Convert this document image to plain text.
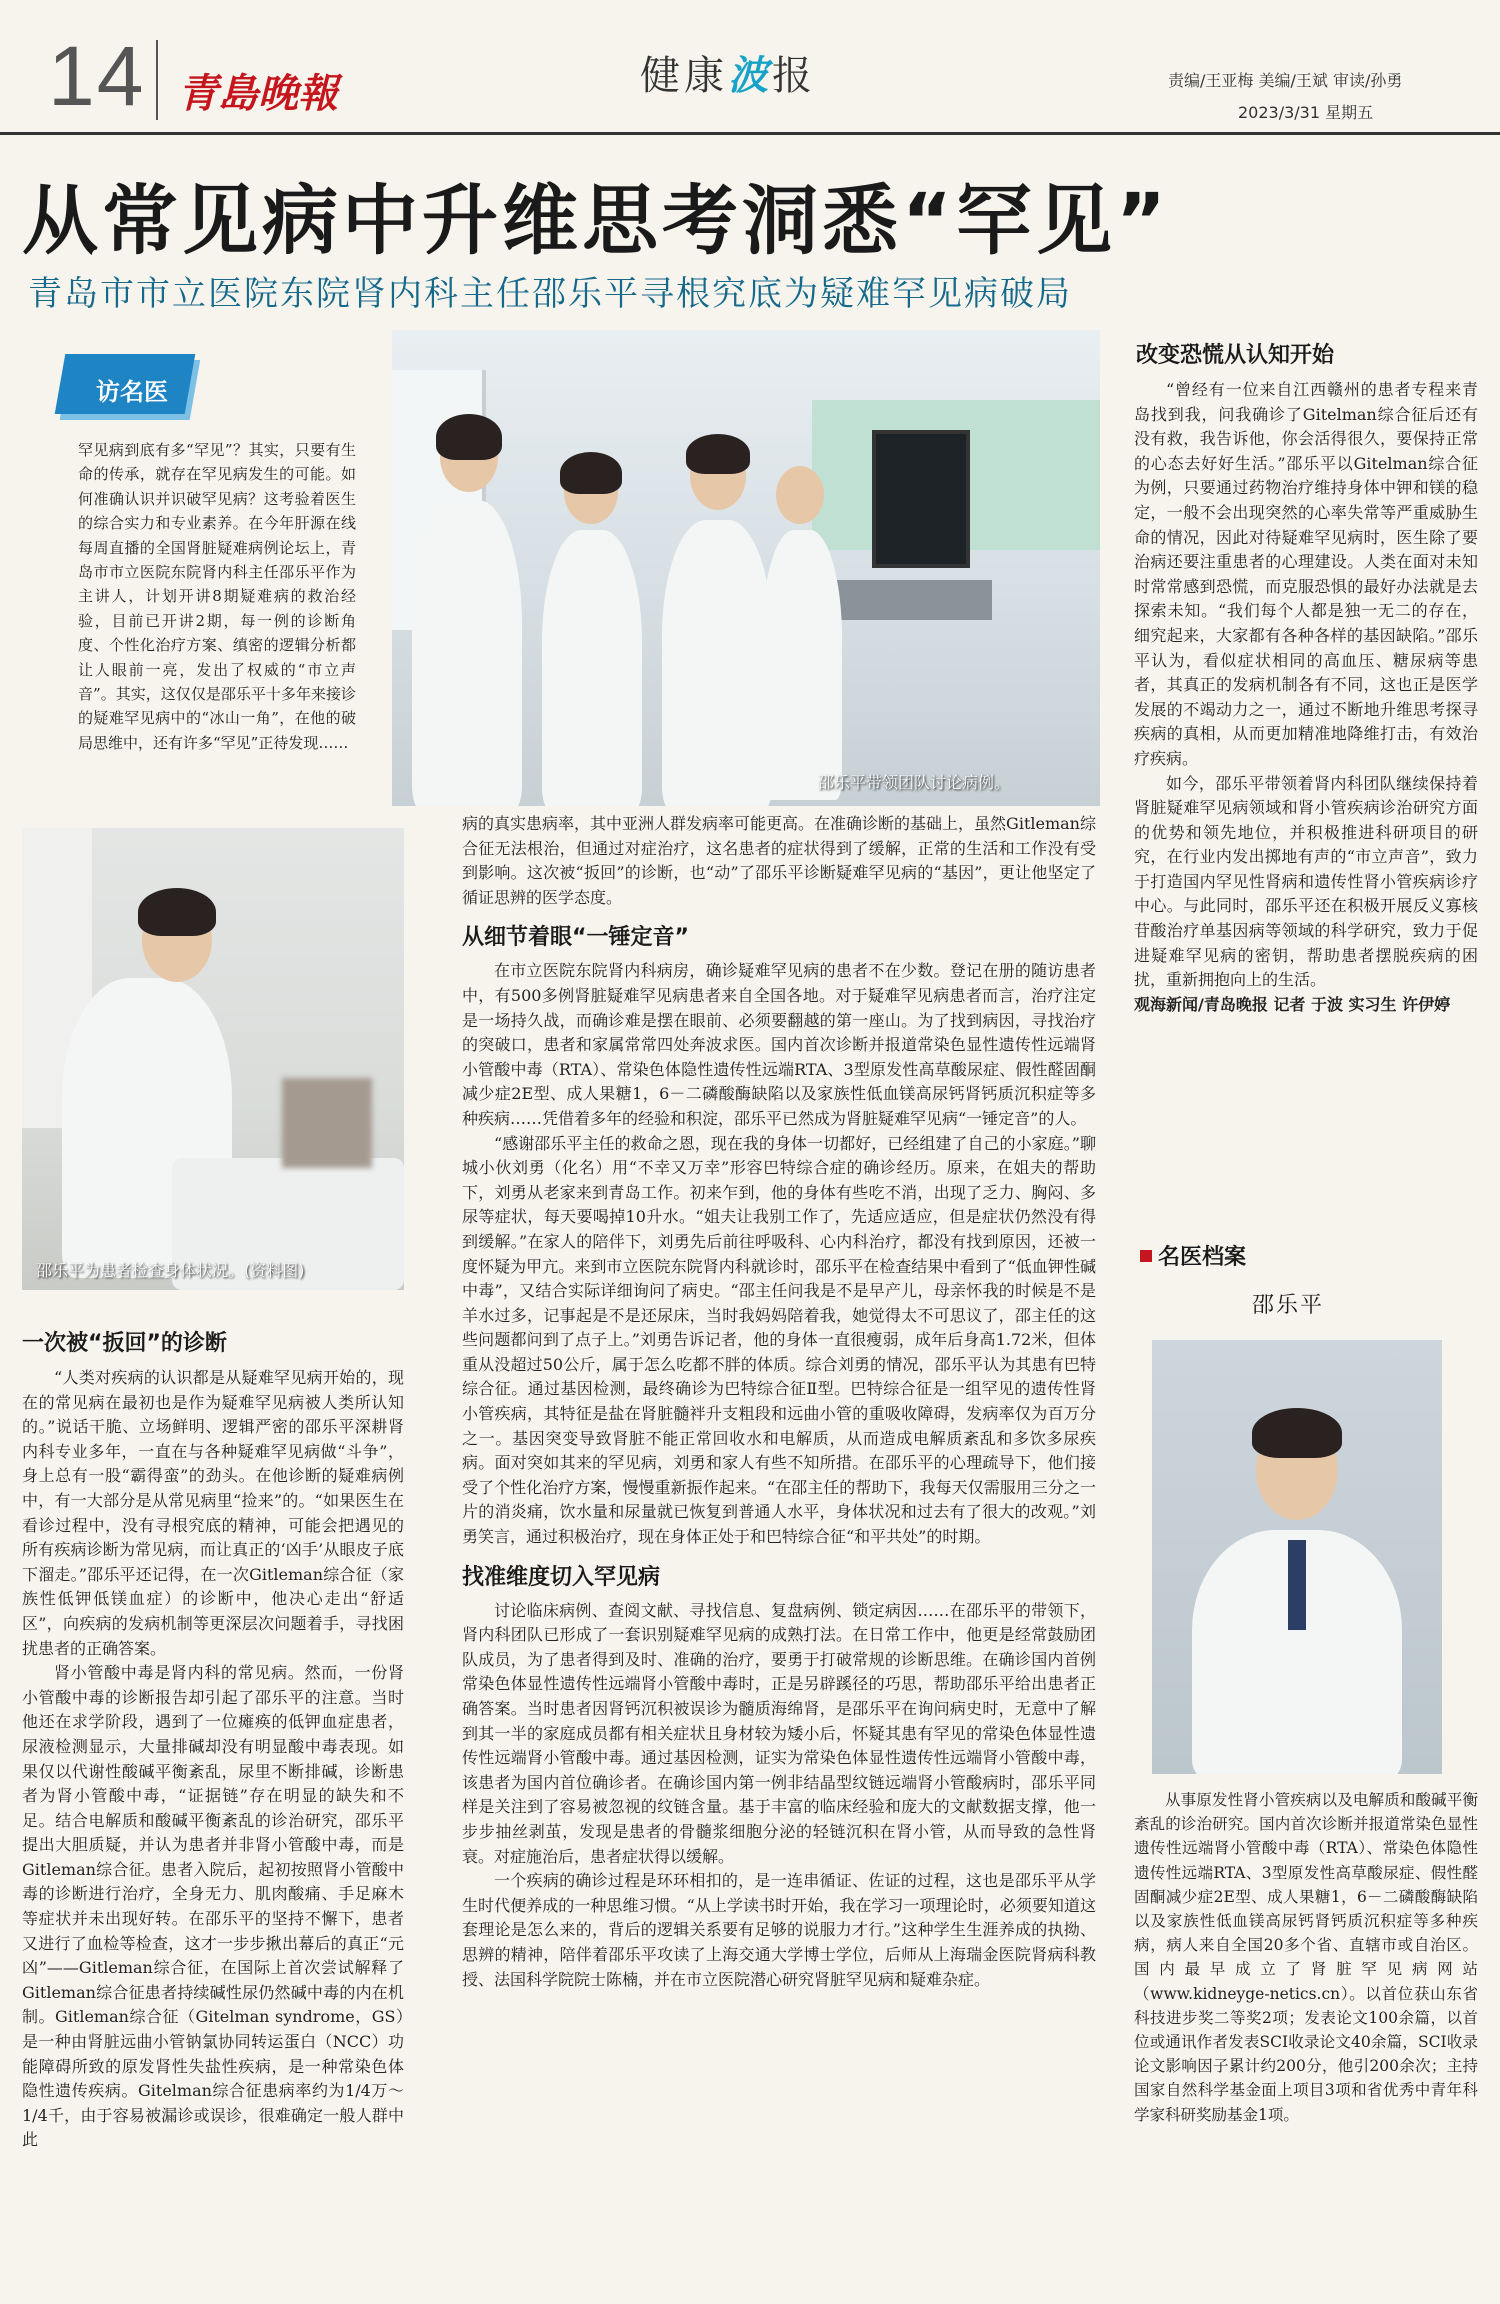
14 青島晚報	健康波报	责编/王亚梅 美编/王斌 审读/孙勇
2023/3/31 星期五
从常见病中升维思考洞悉“罕见”
青岛市市立医院东院肾内科主任邵乐平寻根究底为疑难罕见病破局
访名医
罕见病到底有多“罕见”？其实，只要有生命的传承，就存在罕见病发生的可能。如何准确认识并识破罕见病？这考验着医生的综合实力和专业素养。在今年肝源在线每周直播的全国肾脏疑难病例论坛上，青岛市市立医院东院肾内科主任邵乐平作为主讲人，计划开讲8期疑难病的救治经验，目前已开讲2期，每一例的诊断角度、个性化治疗方案、缜密的逻辑分析都让人眼前一亮，发出了权威的“市立声音”。其实，这仅仅是邵乐平十多年来接诊的疑难罕见病中的“冰山一角”，在他的破局思维中，还有许多“罕见”正待发现……
邵乐平带领团队讨论病例。
邵乐平为患者检查身体状况。(资料图)
一次被“扳回”的诊断

“人类对疾病的认识都是从疑难罕见病开始的，现在的常见病在最初也是作为疑难罕见病被人类所认知的。”说话干脆、立场鲜明、逻辑严密的邵乐平深耕肾内科专业多年，一直在与各种疑难罕见病做“斗争”，身上总有一股“霸得蛮”的劲头。在他诊断的疑难病例中，有一大部分是从常见病里“捡来”的。“如果医生在看诊过程中，没有寻根究底的精神，可能会把遇见的所有疾病诊断为常见病，而让真正的‘凶手’从眼皮子底下溜走。”邵乐平还记得，在一次Gitleman综合征（家族性低钾低镁血症）的诊断中，他决心走出“舒适区”，向疾病的发病机制等更深层次问题着手，寻找困扰患者的正确答案。

肾小管酸中毒是肾内科的常见病。然而，一份肾小管酸中毒的诊断报告却引起了邵乐平的注意。当时他还在求学阶段，遇到了一位瘫痪的低钾血症患者，尿液检测显示，大量排碱却没有明显酸中毒表现。如果仅以代谢性酸碱平衡紊乱，尿里不断排碱，诊断患者为肾小管酸中毒，“证据链”存在明显的缺失和不足。结合电解质和酸碱平衡紊乱的诊治研究，邵乐平提出大胆质疑，并认为患者并非肾小管酸中毒，而是Gitleman综合征。患者入院后，起初按照肾小管酸中毒的诊断进行治疗，全身无力、肌肉酸痛、手足麻木等症状并未出现好转。在邵乐平的坚持不懈下，患者又进行了血检等检查，这才一步步揪出幕后的真正“元凶”——Gitleman综合征，在国际上首次尝试解释了Gitleman综合征患者持续碱性尿仍然碱中毒的内在机制。Gitleman综合征（Gitelman syndrome，GS）是一种由肾脏远曲小管钠氯协同转运蛋白（NCC）功能障碍所致的原发肾性失盐性疾病，是一种常染色体隐性遗传疾病。Gitelman综合征患病率约为1/4万～1/4千，由于容易被漏诊或误诊，很难确定一般人群中此

病的真实患病率，其中亚洲人群发病率可能更高。在准确诊断的基础上，虽然Gitleman综合征无法根治，但通过对症治疗，这名患者的症状得到了缓解，正常的生活和工作没有受到影响。这次被“扳回”的诊断，也“动”了邵乐平诊断疑难罕见病的“基因”，更让他坚定了循证思辨的医学态度。

从细节着眼“一锤定音”

在市立医院东院肾内科病房，确诊疑难罕见病的患者不在少数。登记在册的随访患者中，有500多例肾脏疑难罕见病患者来自全国各地。对于疑难罕见病患者而言，治疗注定是一场持久战，而确诊难是摆在眼前、必须要翻越的第一座山。为了找到病因，寻找治疗的突破口，患者和家属常常四处奔波求医。国内首次诊断并报道常染色显性遗传性远端肾小管酸中毒（RTA）、常染色体隐性遗传性远端RTA、3型原发性高草酸尿症、假性醛固酮减少症2E型、成人果糖1，6－二磷酸酶缺陷以及家族性低血镁高尿钙肾钙质沉积症等多种疾病……凭借着多年的经验和积淀，邵乐平已然成为肾脏疑难罕见病“一锤定音”的人。

“感谢邵乐平主任的救命之恩，现在我的身体一切都好，已经组建了自己的小家庭。”聊城小伙刘勇（化名）用“不幸又万幸”形容巴特综合症的确诊经历。原来，在姐夫的帮助下，刘勇从老家来到青岛工作。初来乍到，他的身体有些吃不消，出现了乏力、胸闷、多尿等症状，每天要喝掉10升水。“姐夫让我别工作了，先适应适应，但是症状仍然没有得到缓解。”在家人的陪伴下，刘勇先后前往呼吸科、心内科治疗，都没有找到原因，还被一度怀疑为甲亢。来到市立医院东院肾内科就诊时，邵乐平在检查结果中看到了“低血钾性碱中毒”，又结合实际详细询问了病史。“邵主任问我是不是早产儿，母亲怀我的时候是不是羊水过多，记事起是不是还尿床，当时我妈妈陪着我，她觉得太不可思议了，邵主任的这些问题都问到了点子上。”刘勇告诉记者，他的身体一直很瘦弱，成年后身高1.72米，但体重从没超过50公斤，属于怎么吃都不胖的体质。综合刘勇的情况，邵乐平认为其患有巴特综合征。通过基因检测，最终确诊为巴特综合征Ⅱ型。巴特综合征是一组罕见的遗传性肾小管疾病，其特征是盐在肾脏髓袢升支粗段和远曲小管的重吸收障碍，发病率仅为百万分之一。基因突变导致肾脏不能正常回收水和电解质，从而造成电解质紊乱和多饮多尿疾病。面对突如其来的罕见病，刘勇和家人有些不知所措。在邵乐平的心理疏导下，他们接受了个性化治疗方案，慢慢重新振作起来。“在邵主任的帮助下，我每天仅需服用三分之一片的消炎痛，饮水量和尿量就已恢复到普通人水平，身体状况和过去有了很大的改观。”刘勇笑言，通过积极治疗，现在身体正处于和巴特综合征“和平共处”的时期。

找准维度切入罕见病

讨论临床病例、查阅文献、寻找信息、复盘病例、锁定病因……在邵乐平的带领下，肾内科团队已形成了一套识别疑难罕见病的成熟打法。在日常工作中，他更是经常鼓励团队成员，为了患者得到及时、准确的治疗，要勇于打破常规的诊断思维。在确诊国内首例常染色体显性遗传性远端肾小管酸中毒时，正是另辟蹊径的巧思，帮助邵乐平给出患者正确答案。当时患者因肾钙沉积被误诊为髓质海绵肾，是邵乐平在询问病史时，无意中了解到其一半的家庭成员都有相关症状且身材较为矮小后，怀疑其患有罕见的常染色体显性遗传性远端肾小管酸中毒。通过基因检测，证实为常染色体显性遗传性远端肾小管酸中毒，该患者为国内首位确诊者。在确诊国内第一例非结晶型纹链远端肾小管酸病时，邵乐平同样是关注到了容易被忽视的纹链含量。基于丰富的临床经验和庞大的文献数据支撑，他一步步抽丝剥茧，发现是患者的骨髓浆细胞分泌的轻链沉积在肾小管，从而导致的急性肾衰。对症施治后，患者症状得以缓解。

一个疾病的确诊过程是环环相扣的，是一连串循证、佐证的过程，这也是邵乐平从学生时代便养成的一种思维习惯。“从上学读书时开始，我在学习一项理论时，必须要知道这套理论是怎么来的，背后的逻辑关系要有足够的说服力才行。”这种学生生涯养成的执拗、思辨的精神，陪伴着邵乐平攻读了上海交通大学博士学位，后师从上海瑞金医院肾病科教授、法国科学院院士陈楠，并在市立医院潜心研究肾脏罕见病和疑难杂症。

改变恐慌从认知开始

“曾经有一位来自江西赣州的患者专程来青岛找到我，问我确诊了Gitelman综合征后还有没有救，我告诉他，你会活得很久，要保持正常的心态去好好生活。”邵乐平以Gitelman综合征为例，只要通过药物治疗维持身体中钾和镁的稳定，一般不会出现突然的心率失常等严重威胁生命的情况，因此对待疑难罕见病时，医生除了要治病还要注重患者的心理建设。人类在面对未知时常常感到恐慌，而克服恐惧的最好办法就是去探索未知。“我们每个人都是独一无二的存在，细究起来，大家都有各种各样的基因缺陷。”邵乐平认为，看似症状相同的高血压、糖尿病等患者，其真正的发病机制各有不同，这也正是医学发展的不竭动力之一，通过不断地升维思考探寻疾病的真相，从而更加精准地降维打击，有效治疗疾病。

如今，邵乐平带领着肾内科团队继续保持着肾脏疑难罕见病领域和肾小管疾病诊治研究方面的优势和领先地位，并积极推进科研项目的研究，在行业内发出掷地有声的“市立声音”，致力于打造国内罕见性肾病和遗传性肾小管疾病诊疗中心。与此同时，邵乐平还在积极开展反义寡核苷酸治疗单基因病等领域的科学研究，致力于促进疑难罕见病的密钥，帮助患者摆脱疾病的困扰，重新拥抱向上的生活。

观海新闻/青岛晚报 记者 于波 实习生 许伊婷

名医档案
邵乐平
从事原发性肾小管疾病以及电解质和酸碱平衡紊乱的诊治研究。国内首次诊断并报道常染色显性遗传性远端肾小管酸中毒（RTA）、常染色体隐性遗传性远端RTA、3型原发性高草酸尿症、假性醛固酮减少症2E型、成人果糖1，6－二磷酸酶缺陷以及家族性低血镁高尿钙肾钙质沉积症等多种疾病，病人来自全国20多个省、直辖市或自治区。国内最早成立了肾脏罕见病网站（www.kidneyge-netics.cn）。以首位获山东省科技进步奖二等奖2项；发表论文100余篇，以首位或通讯作者发表SCI收录论文40余篇，SCI收录论文影响因子累计约200分，他引200余次；主持国家自然科学基金面上项目3项和省优秀中青年科学家科研奖励基金1项。
